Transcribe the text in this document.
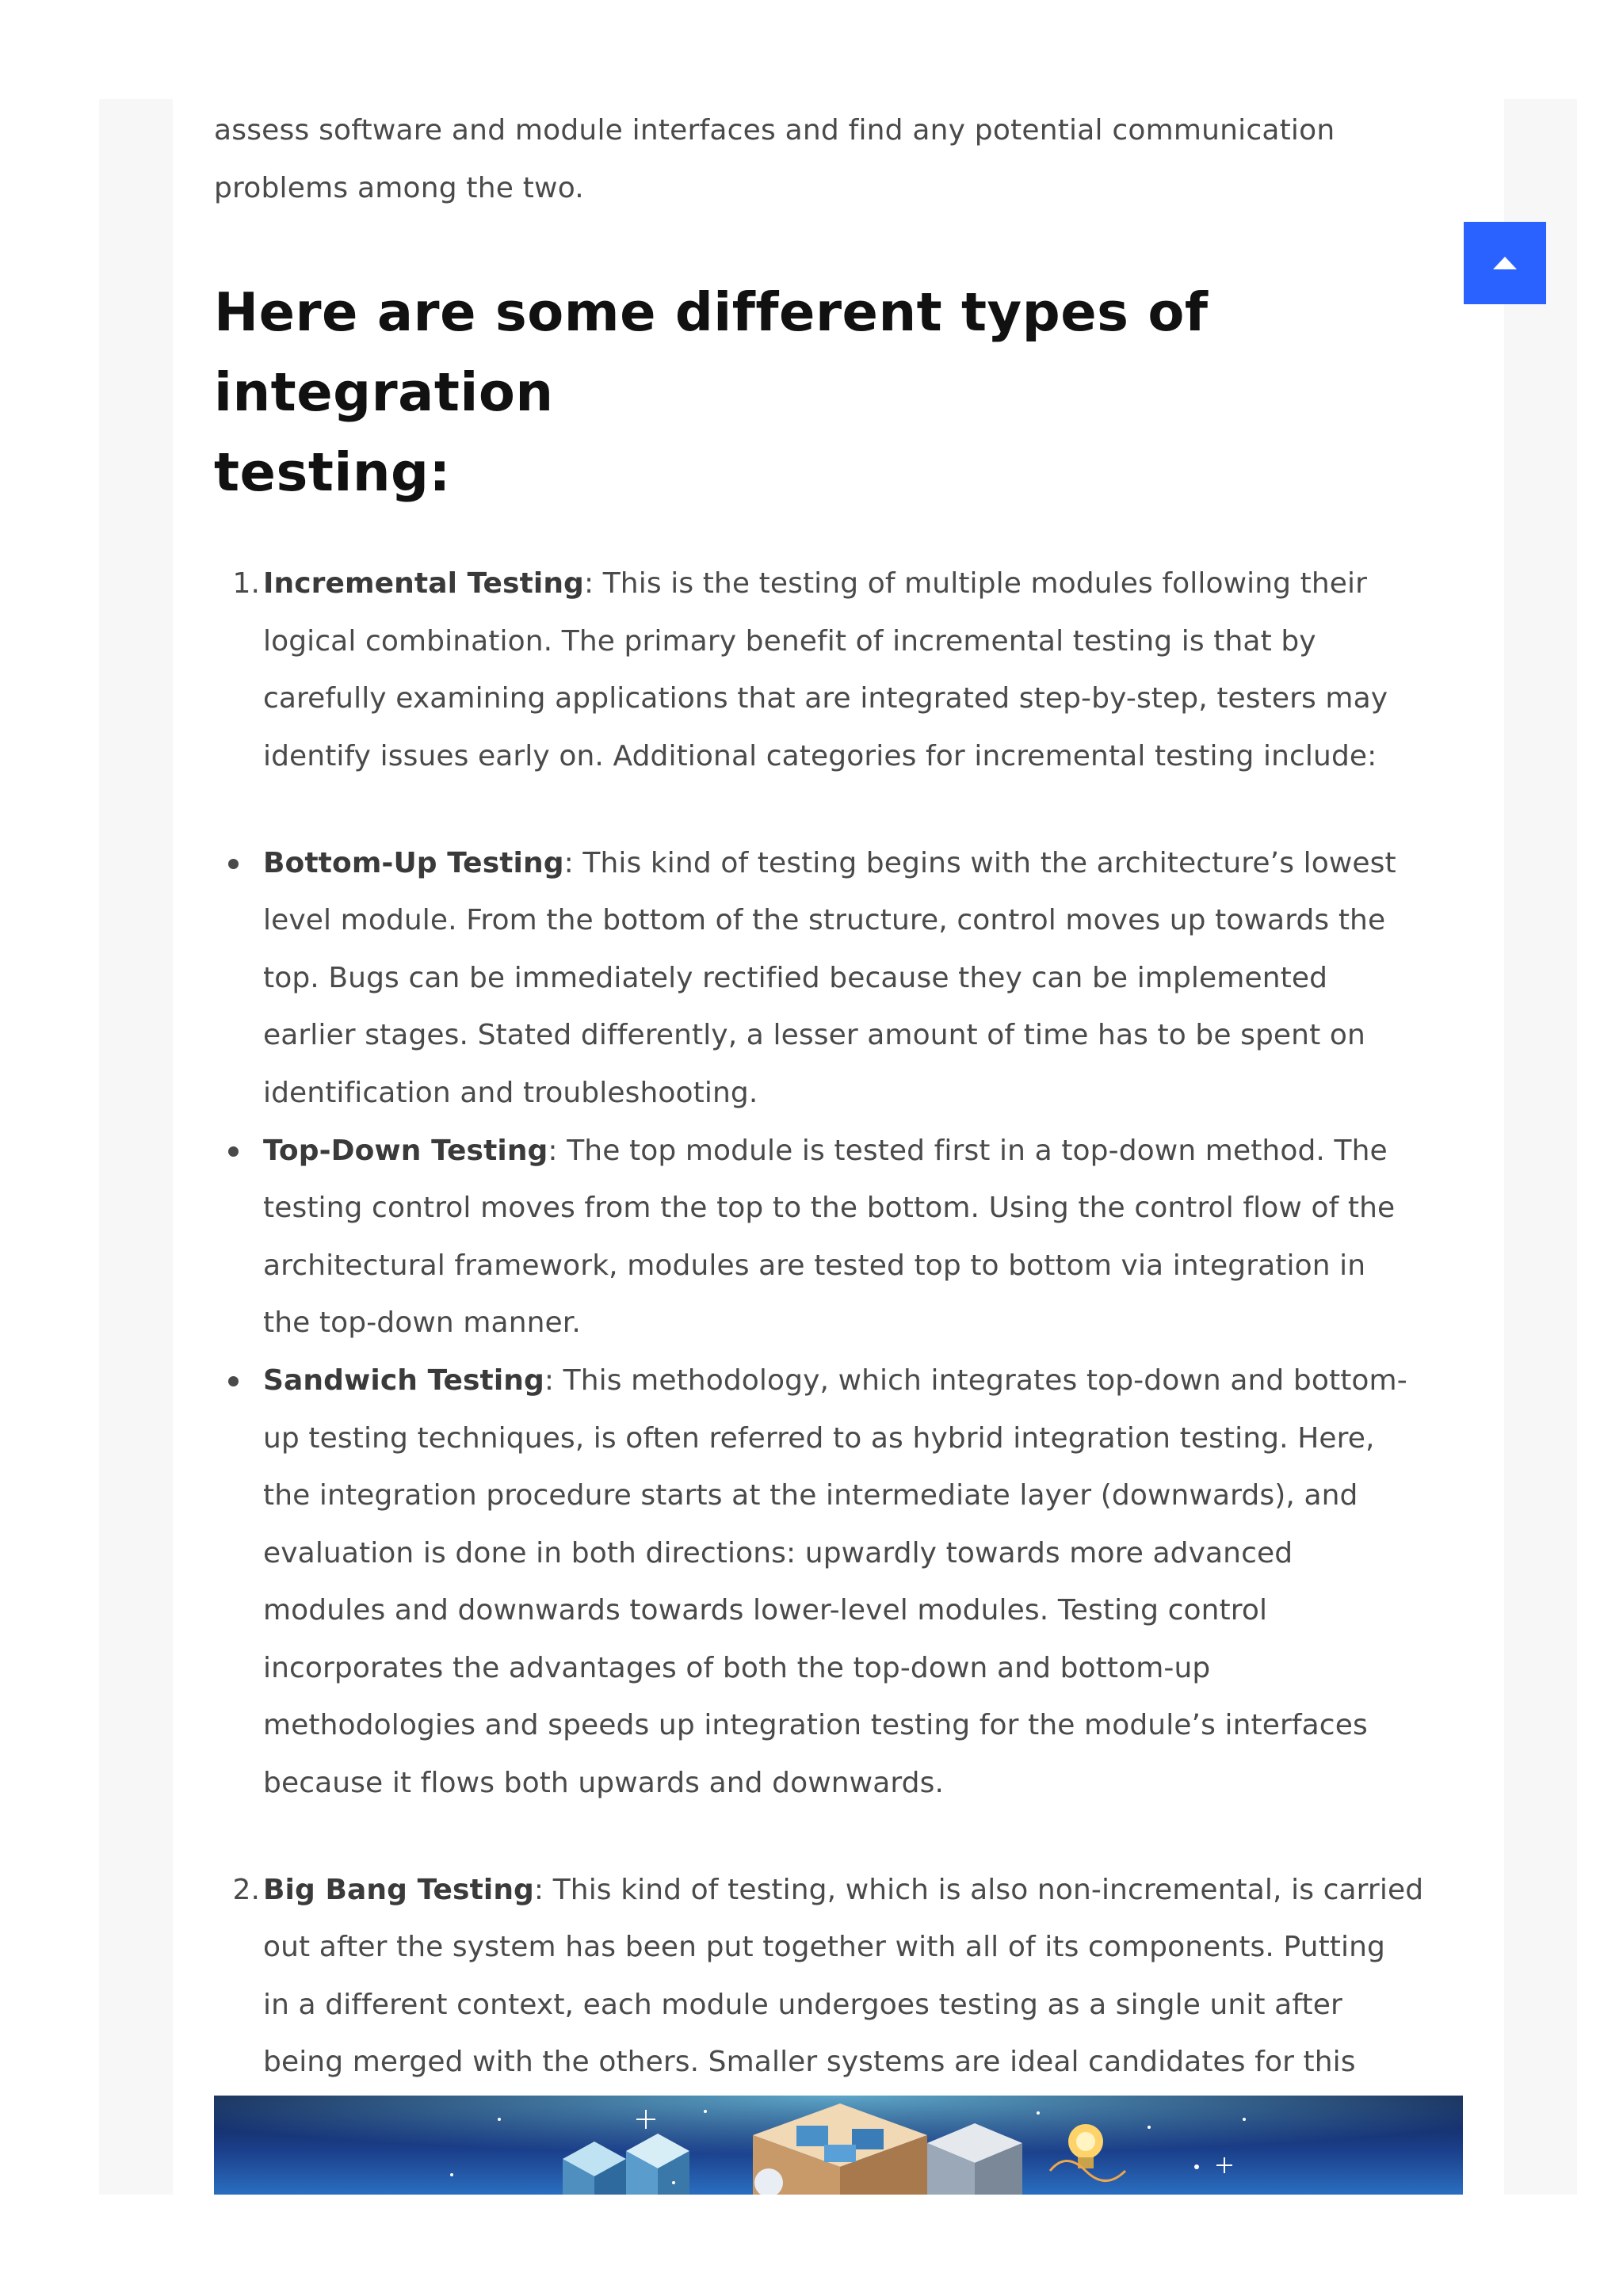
assess software and module interfaces and find any potential communication
problems among the two.

Here are some different types of integration
testing:
1. Incremental Testing: This is the testing of multiple modules following their
logical combination. The primary benefit of incremental testing is that by
carefully examining applications that are integrated step-by-step, testers may
identify issues early on. Additional categories for incremental testing include:
Bottom-Up Testing: This kind of testing begins with the architecture’s lowest
level module. From the bottom of the structure, control moves up towards the
top. Bugs can be immediately rectified because they can be implemented
earlier stages. Stated differently, a lesser amount of time has to be spent on
identification and troubleshooting.
Top-Down Testing: The top module is tested first in a top-down method. The
testing control moves from the top to the bottom. Using the control flow of the
architectural framework, modules are tested top to bottom via integration in
the top-down manner.
Sandwich Testing: This methodology, which integrates top-down and bottom-
up testing techniques, is often referred to as hybrid integration testing. Here,
the integration procedure starts at the intermediate layer (downwards), and
evaluation is done in both directions: upwardly towards more advanced
modules and downwards towards lower-level modules. Testing control
incorporates the advantages of both the top-down and bottom-up
methodologies and speeds up integration testing for the module’s interfaces
because it flows both upwards and downwards.
2. Big Bang Testing: This kind of testing, which is also non-incremental, is carried
out after the system has been put together with all of its components. Putting
in a different context, each module undergoes testing as a single unit after
being merged with the others. Smaller systems are ideal candidates for this
